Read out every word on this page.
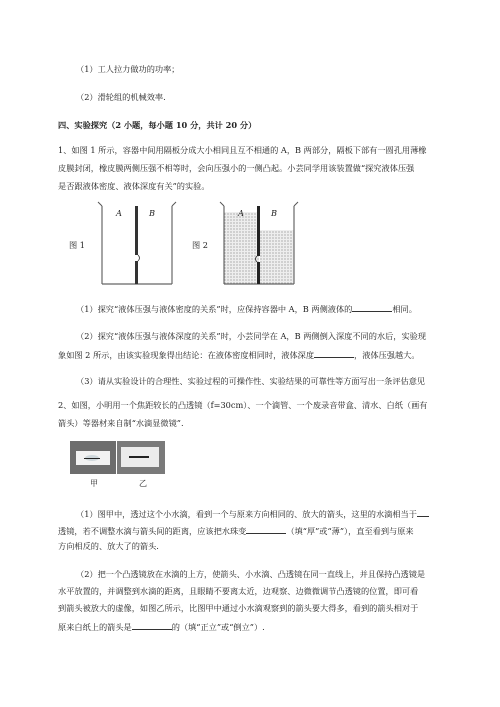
（1）工人拉力做功的功率；
（2）滑轮组的机械效率.
四、实验探究（2 小题，每小题 10 分，共计 20 分）
1、如图 1 所示，容器中间用隔板分成大小相同且互不相通的 A，B 两部分，隔板下部有一圆孔用薄橡
皮膜封闭，橡皮膜两侧压强不相等时，会向压强小的一侧凸起。小芸同学用该装置做“探究液体压强
是否跟液体密度、液体深度有关”的实验。
图 1
A	B
图 2
A	B
（1）探究“液体压强与液体密度的关系”时，应保持容器中 A，B 两侧液体的	相同。
（2）探究“液体压强与液体深度的关系”时，小芸同学在 A，B 两侧倒入深度不同的水后，实验现
象如图 2 所示，由该实验现象得出结论：在液体密度相同时，液体深度	，液体压强越大。
（3）请从实验设计的合理性、实验过程的可操作性、实验结果的可靠性等方面写出一条评估意见
2、如图，小明用一个焦距较长的凸透镜（f=30cm）、一个滴管、一个废录音带盒、清水、白纸（画有
箭头）等器材来自制“水滴显微镜”.
甲	乙
（1）图甲中，透过这个小水滴，看到一个与原来方向相同的、放大的箭头，这里的水滴相当于
透镜，若不调整水滴与箭头间的距离，应该把水珠变	（填“厚”或“薄”），直至看到与原来
方向相反的、放大了的箭头.
（2）把一个凸透镜放在水滴的上方，使箭头、小水滴、凸透镜在同一直线上，并且保持凸透镜是
水平放置的，并调整到水滴的距离，且眼睛不要离太近，边观察、边微微调节凸透镜的位置，即可看
到箭头被放大的虚像，如图乙所示，比图甲中通过小水滴观察到的箭头要大得多，看到的箭头相对于
原来白纸上的箭头是	的（填“正立”或“倒立”）.
